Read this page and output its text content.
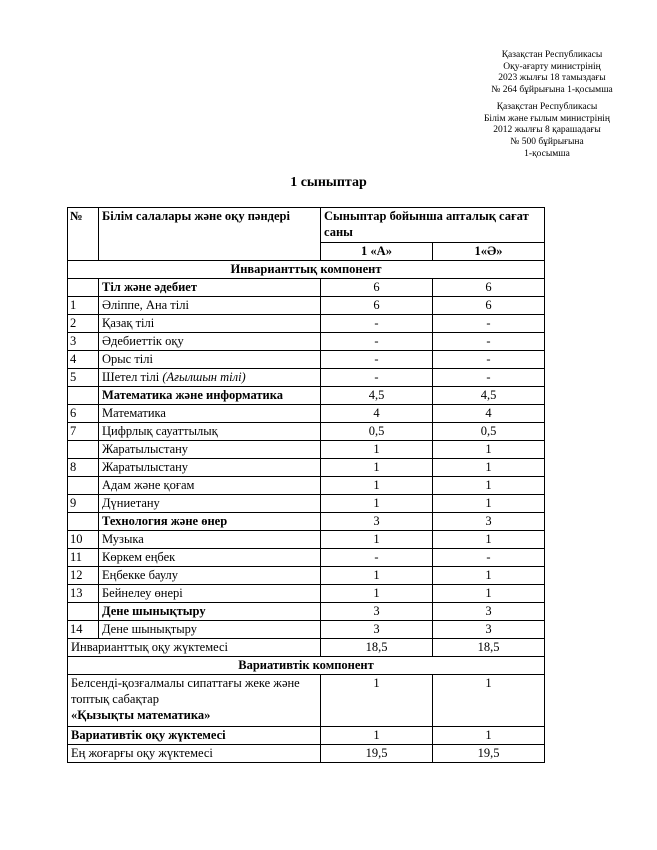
Қазақстан Республикасы
Оқу-ағарту министрінің
2023 жылғы 18 тамыздағы
№ 264 бұйрығына 1-қосымша
Қазақстан Республикасы
Білім және ғылым министрінің
2012 жылғы 8 қарашадағы
№ 500 бұйрығына
1-қосымша
1 сыныптар
№	Білім салалары және оқу пәндері	Сыныптар бойынша апталық сағат саны	
		1 «А»	1«Ә»
Инварианттық компонент			
	Тіл және әдебиет	6	6
1	Әліппе, Ана тілі	6	6
2	Қазақ тілі	-	-
3	Әдебиеттік оқу	-	-
4	Орыс тілі	-	-
5	Шетел тілі (Ағылшын тілі)	-	-
	Математика және информатика	4,5	4,5
6	Математика	4	4
7	Цифрлық сауаттылық	0,5	0,5
	Жаратылыстану	1	1
8	Жаратылыстану	1	1
	Адам және қоғам	1	1
9	Дүниетану	1	1
	Технология және өнер	3	3
10	Музыка	1	1
11	Көркем еңбек	-	-
12	Еңбекке баулу	1	1
13	Бейнелеу өнері	1	1
	Дене шынықтыру	3	3
14	Дене шынықтыру	3	3
Инварианттық оқу жүктемесі		18,5	18,5
Вариативтік компонент			
Белсенді-қозғалмалы сипаттағы жеке және топтық сабақтар
«Қызықты математика»		1	1
Вариативтік оқу жүктемесі		1	1
Ең жоғарғы оқу жүктемесі		19,5	19,5
